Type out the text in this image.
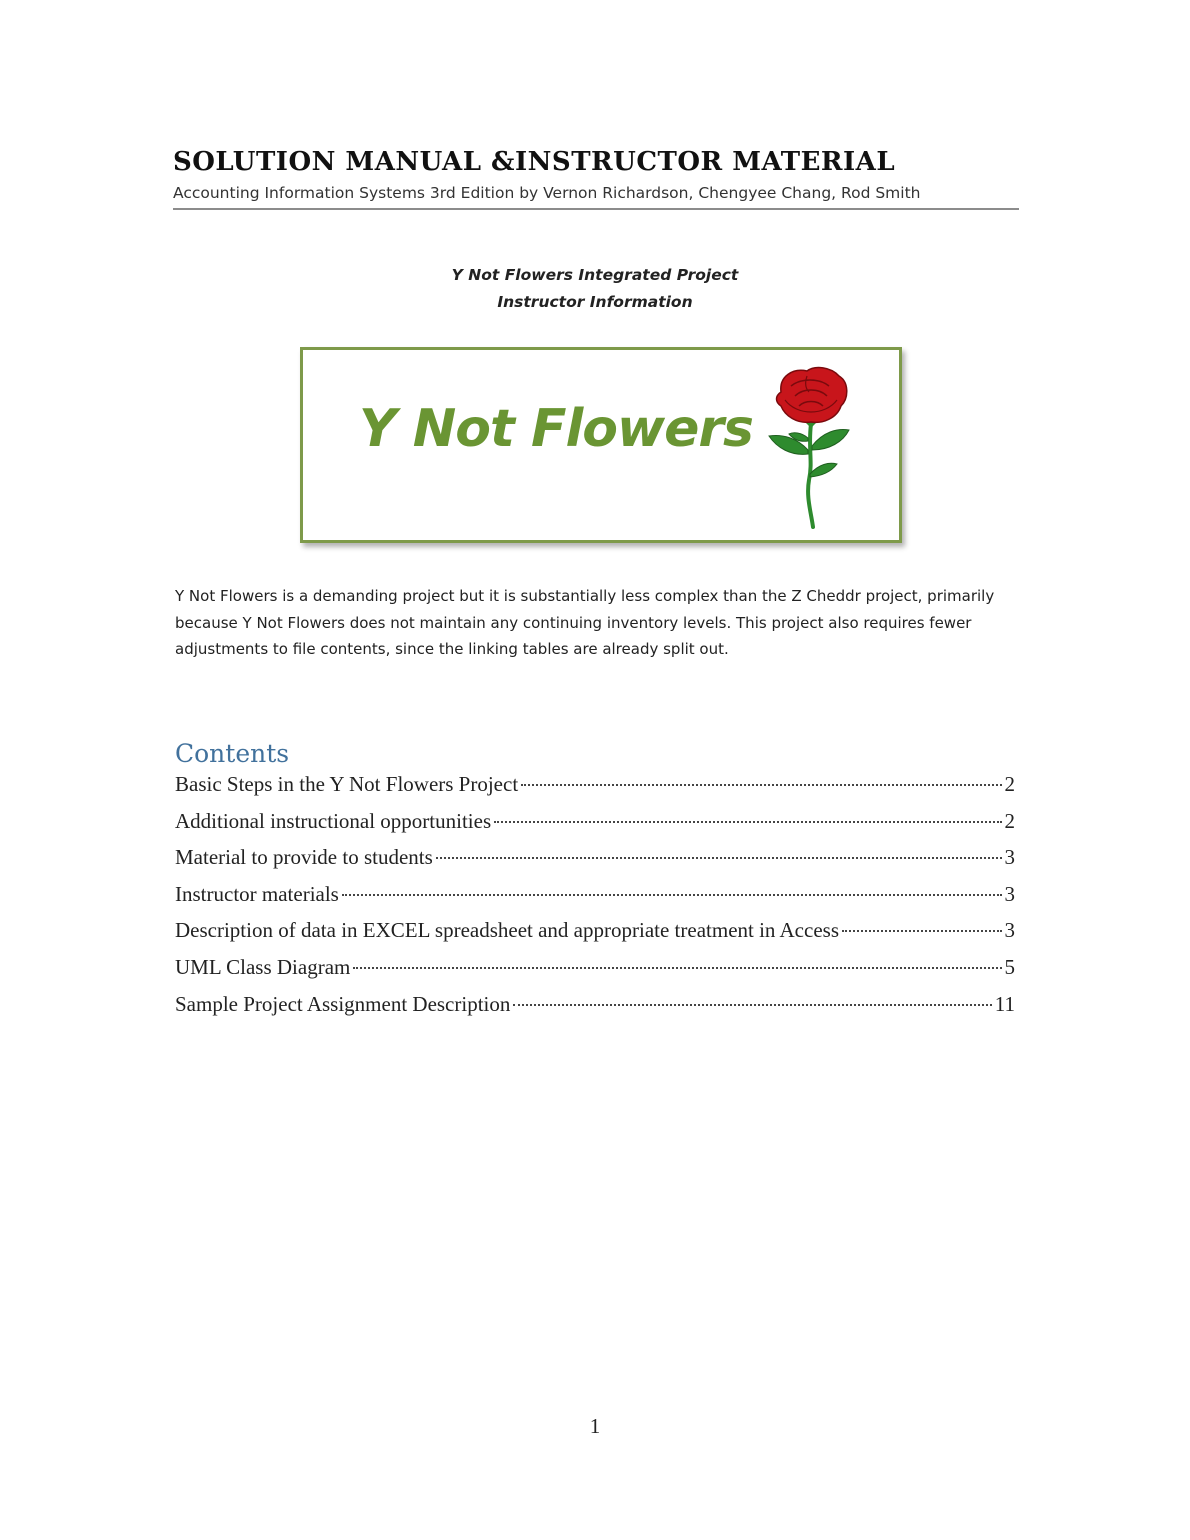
SOLUTION MANUAL &INSTRUCTOR MATERIAL
Accounting Information Systems 3rd Edition by Vernon Richardson, Chengyee Chang, Rod Smith
Y Not Flowers Integrated Project
Instructor Information
Y Not Flowers

Y Not Flowers is a demanding project but it is substantially less complex than the Z Cheddr project, primarily because Y Not Flowers does not maintain any continuing inventory levels. This project also requires fewer adjustments to file contents, since the linking tables are already split out.

Contents
Basic Steps in the Y Not Flowers Project	2
Additional instructional opportunities	2
Material to provide to students	3
Instructor materials	3
Description of data in EXCEL spreadsheet and appropriate treatment in Access	3
UML Class Diagram	5
Sample Project Assignment Description	11
1
